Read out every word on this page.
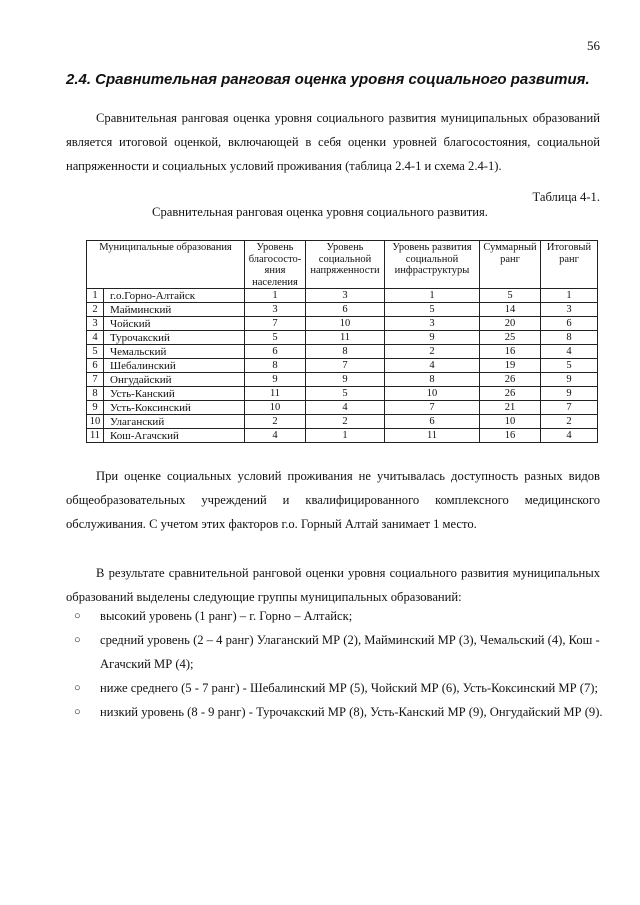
56
2.4. Сравнительная ранговая оценка уровня социального развития.

Сравнительная ранговая оценка уровня социального развития муниципальных образований является итоговой оценкой, включающей в себя оценки уровней благосостояния, социальной напряженности и социальных условий проживания (таблица 2.4-1 и схема 2.4-1).

Таблица 4-1.
Сравнительная ранговая оценка уровня социального развития.
Муниципальные образования		Уровень благососто-яния населения	Уровень социальной напряженности	Уровень развития социальной инфраструктуры	Суммарный ранг	Итоговый ранг
1	г.о.Горно-Алтайск	1	3	1	5	1
2	Майминский	3	6	5	14	3
3	Чойский	7	10	3	20	6
4	Турочакский	5	11	9	25	8
5	Чемальский	6	8	2	16	4
6	Шебалинский	8	7	4	19	5
7	Онгудайский	9	9	8	26	9
8	Усть-Канский	11	5	10	26	9
9	Усть-Коксинский	10	4	7	21	7
10	Улаганский	2	2	6	10	2
11	Кош-Агачский	4	1	11	16	4

При оценке социальных условий проживания не учитывалась доступность разных видов общеобразовательных учреждений и квалифицированного комплексного медицинского обслуживания. С учетом этих факторов г.о. Горный Алтай занимает 1 место.

В результате сравнительной ранговой оценки уровня социального развития муниципальных образований выделены следующие группы муниципальных образований:

○ высокий уровень (1 ранг) – г. Горно – Алтайск;
○ средний уровень (2 – 4 ранг) Улаганский МР (2), Майминский МР (3), Чемальский (4), Кош - Агачский МР (4);
○ ниже среднего (5 - 7 ранг) - Шебалинский МР (5), Чойский МР (6), Усть-Коксинский МР (7);
○ низкий уровень (8 - 9 ранг) - Турочакский МР (8), Усть-Канский МР (9), Онгудайский МР (9).
